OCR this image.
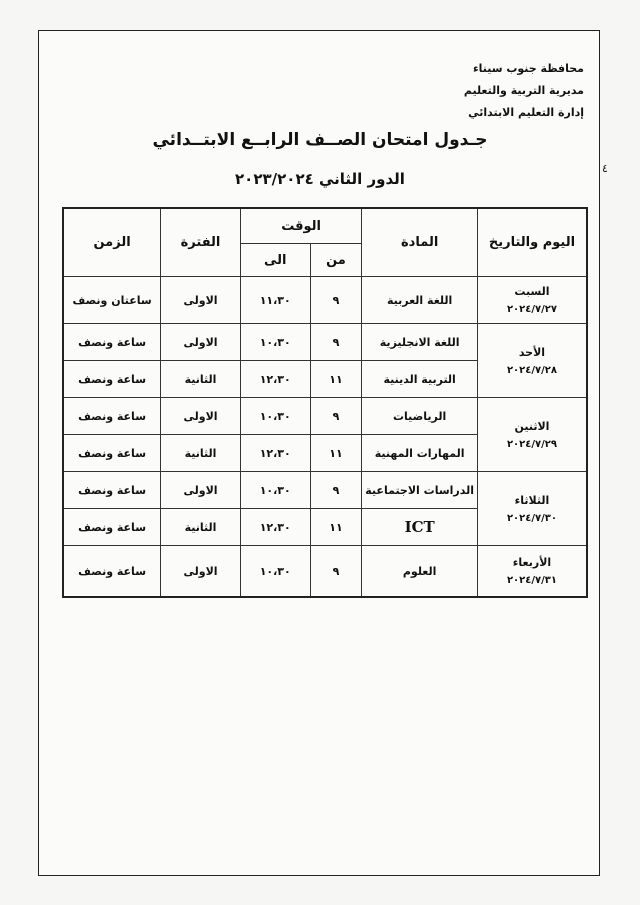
محافظة جنوب سيناء
مديرية التربية والتعليم
إدارة التعليم الابتدائي
جـدول امتحان الصــف الرابــع الابتــدائي
الدور الثاني ٢٠٢٣/٢٠٢٤
٤
اليوم والتاريخ	المادة	الوقت		الفترة	الزمن
		من	الى		
السبت
٢٠٢٤/٧/٢٧	اللغة العربية	٩	١١،٣٠	الاولى	ساعتان ونصف
الأحد
٢٠٢٤/٧/٢٨	اللغة الانجليزية	٩	١٠،٣٠	الاولى	ساعة ونصف
	التربية الدينية	١١	١٢،٣٠	الثانية	ساعة ونصف
الاثنين
٢٠٢٤/٧/٢٩	الرياضيات	٩	١٠،٣٠	الاولى	ساعة ونصف
	المهارات المهنية	١١	١٢،٣٠	الثانية	ساعة ونصف
الثلاثاء
٢٠٢٤/٧/٣٠	الدراسات الاجتماعية	٩	١٠،٣٠	الاولى	ساعة ونصف
	ICT	١١	١٢،٣٠	الثانية	ساعة ونصف
الأربعاء
٢٠٢٤/٧/٣١	العلوم	٩	١٠،٣٠	الاولى	ساعة ونصف
